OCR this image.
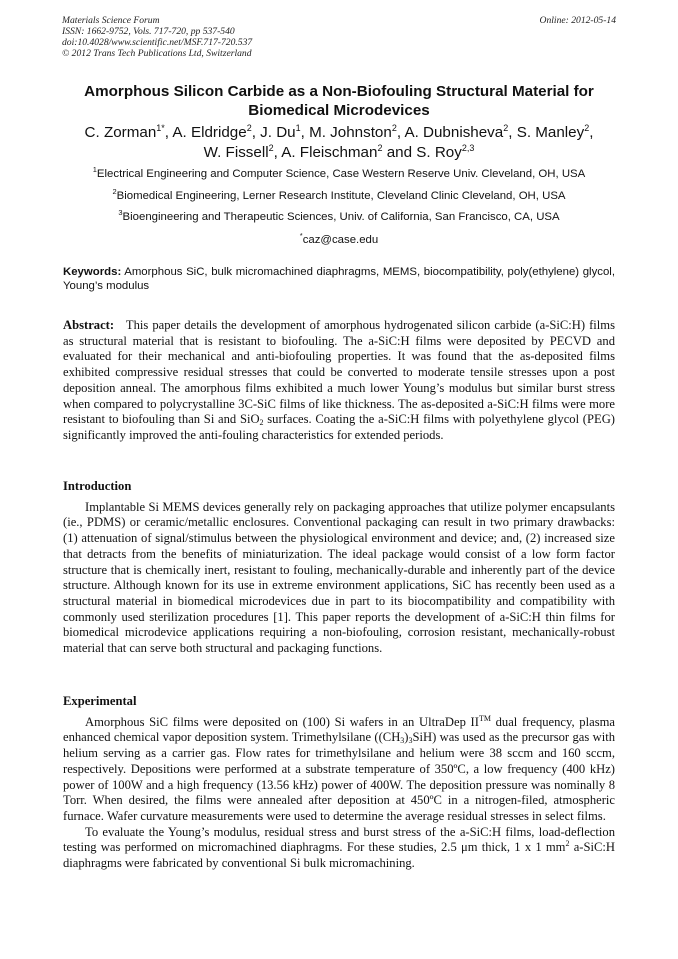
Materials Science Forum	Online: 2012-05-14
ISSN: 1662-9752, Vols. 717-720, pp 537-540
doi:10.4028/www.scientific.net/MSF.717-720.537
© 2012 Trans Tech Publications Ltd, Switzerland
Amorphous Silicon Carbide as a Non-Biofouling Structural Material for
Biomedical Microdevices
C. Zorman$^{1*}$, A. Eldridge$^2$, J. Du$^1$, M. Johnston$^2$, A. Dubnisheva$^2$, S. Manley$^2$,
W. Fissell$^2$, A. Fleischman$^2$ and S. Roy$^{2,3}$
$^1$Electrical Engineering and Computer Science, Case Western Reserve Univ. Cleveland, OH, USA
$^2$Biomedical Engineering, Lerner Research Institute, Cleveland Clinic Cleveland, OH, USA
$^3$Bioengineering and Therapeutic Sciences, Univ. of California, San Francisco, CA, USA
*caz@case.edu
Keywords: Amorphous SiC, bulk micromachined diaphragms, MEMS, biocompatibility, poly(ethylene) glycol, Young’s modulus

Abstract: This paper details the development of amorphous hydrogenated silicon carbide (a-SiC:H) films as structural material that is resistant to biofouling. The a-SiC:H films were deposited by PECVD and evaluated for their mechanical and anti-biofouling properties. It was found that the as-deposited films exhibited compressive residual stresses that could be converted to moderate tensile stresses upon a post deposition anneal. The amorphous films exhibited a much lower Young’s modulus but similar burst stress when compared to polycrystalline 3C-SiC films of like thickness. The as-deposited a-SiC:H films were more resistant to biofouling than Si and SiO$_2$ surfaces. Coating the a-SiC:H films with polyethylene glycol (PEG) significantly improved the anti-fouling characteristics for extended periods.

Introduction

Implantable Si MEMS devices generally rely on packaging approaches that utilize polymer encapsulants (ie., PDMS) or ceramic/metallic enclosures. Conventional packaging can result in two primary drawbacks: (1) attenuation of signal/stimulus between the physiological environment and device; and, (2) increased size that detracts from the benefits of miniaturization. The ideal package would consist of a low form factor structure that is chemically inert, resistant to fouling, mechanically-durable and inherently part of the device structure. Although known for its use in extreme environment applications, SiC has recently been used as a structural material in biomedical microdevices due in part to its biocompatibility and compatibility with commonly used sterilization procedures [1]. This paper reports the development of a-SiC:H thin films for biomedical microdevice applications requiring a non-biofouling, corrosion resistant, mechanically-robust material that can serve both structural and packaging functions.

Experimental

Amorphous SiC films were deposited on (100) Si wafers in an UltraDep II™ dual frequency, plasma enhanced chemical vapor deposition system. Trimethylsilane $((CH_3)_3SiH)$ was used as the precursor gas with helium serving as a carrier gas. Flow rates for trimethylsilane and helium were 38 sccm and 160 sccm, respectively. Depositions were performed at a substrate temperature of 350ºC, a low frequency (400 kHz) power of 100W and a high frequency (13.56 kHz) power of 400W. The deposition pressure was nominally 8 Torr. When desired, the films were annealed after deposition at 450ºC in a nitrogen-filed, atmospheric furnace. Wafer curvature measurements were used to determine the average residual stresses in select films.

To evaluate the Young’s modulus, residual stress and burst stress of the a-SiC:H films, load-deflection testing was performed on micromachined diaphragms. For these studies, 2.5 μm thick, 1 x 1 $mm^2$ a-SiC:H diaphragms were fabricated by conventional Si bulk micromachining.
